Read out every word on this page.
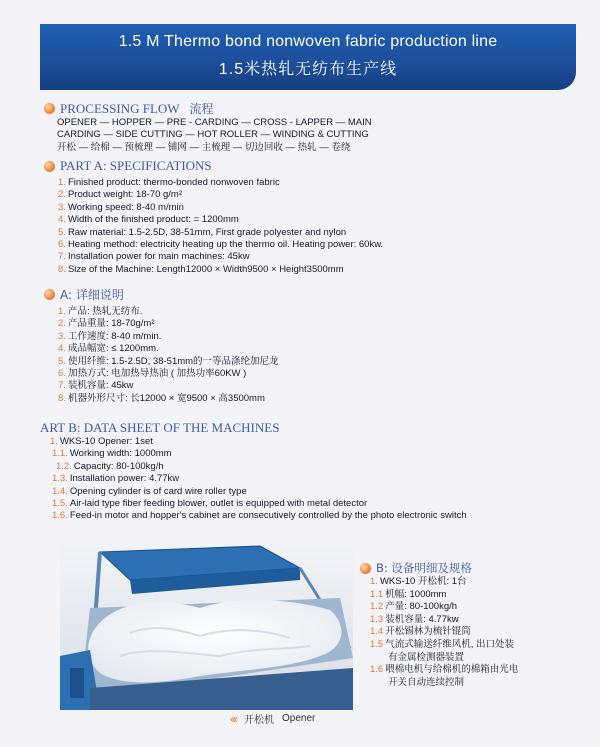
1.5 M Thermo bond nonwoven fabric production line
1.5米热轧无纺布生产线
PROCESSING FLOW 流程
OPENER — HOPPER — PRE - CARDING — CROSS - LAPPER — MAIN
CARDING — SIDE CUTTING — HOT ROLLER — WINDING & CUTTING
开松 — 给棉 — 预梳理 — 铺网 — 主梳理 — 切边回收 — 热轧 — 卷绕
PART A: SPECIFICATIONS
1. Finished product: thermo-bonded nonwoven fabric
2. Product weight: 18-70 g/m²
3. Working speed: 8-40 m/min
4. Width of the finished product: = 1200mm
5. Raw material: 1.5-2.5D, 38-51mm, First grade polyester and nylon
6. Heating method: electricity heating up the thermo oil. Heating power: 60kw.
7. Installation power for main machines: 45kw
8. Size of the Machine: Length12000 × Width9500 × Height3500mm
A: 详细说明
1. 产品: 热轧无纺布.
2. 产品重量: 18-70g/m²
3. 工作速度: 8-40 m/min.
4. 成品幅宽: ≤ 1200mm.
5. 使用纤维: 1.5-2.5D, 38-51mm的一等品涤纶加尼龙
6. 加热方式: 电加热导热油 ( 加热功率60KW )
7. 装机容量: 45kw
8. 机器外形尺寸: 长12000 × 宽9500 × 高3500mm
ART B: DATA SHEET OF THE MACHINES
1. WKS-10 Opener: 1set
1.1. Working width: 1000mm
1.2. Capacity: 80-100kg/h
1.3. Installation power: 4.77kw
1.4. Opening cylinder is of card wire roller type
1.5. Air-laid type fiber feeding blower, outlet is equipped with metal detector
1.6. Feed-in motor and hopper's cabinet are consecutively controlled by the photo electronic switch
B: 设备明细及规格
1. WKS-10 开松机: 1台
1.1 机幅: 1000mm
1.2 产量: 80-100kg/h
1.3 装机容量: 4.77kw
1.4 开松锡林为梳针锟筒
1.5 气流式输送纤维风机, 出口处装
有金属检测器装置
1.6 喂棉电机与给棉机的棉箱由光电
开关自动连续控制
‹‹‹ 开松机 Opener
